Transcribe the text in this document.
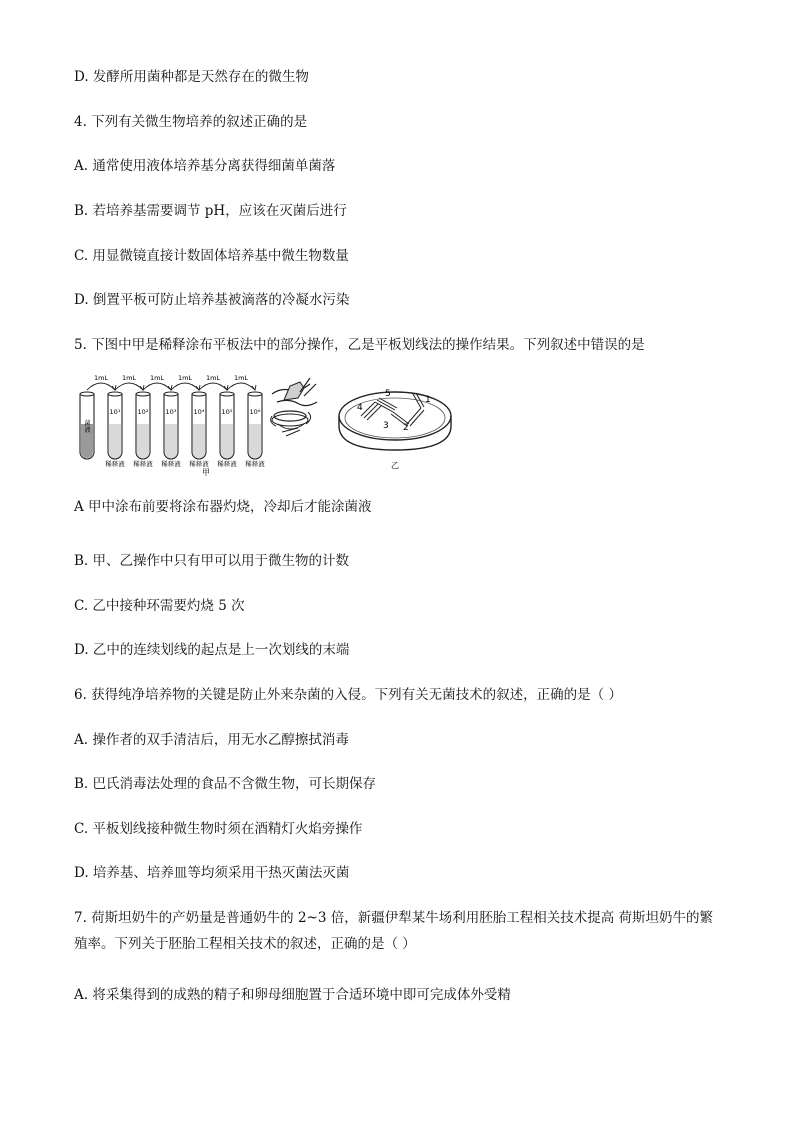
D. 发酵所用菌种都是天然存在的微生物
4. 下列有关微生物培养的叙述正确的是
A. 通常使用液体培养基分离获得细菌单菌落
B. 若培养基需要调节 pH，应该在灭菌后进行
C. 用显微镜直接计数固体培养基中微生物数量
D. 倒置平板可防止培养基被滴落的冷凝水污染
5. 下图中甲是稀释涂布平板法中的部分操作，乙是平板划线法的操作结果。下列叙述中错误的是
1mL 1mL 1mL 1mL 1mL 1mL
菌液
10¹
稀释液
10²
稀释液
10³
稀释液
10⁴
稀释液
10⁵
稀释液
10⁶
稀释液
甲
4
5
3 2
1
乙
A 甲中涂布前要将涂布器灼烧，冷却后才能涂菌液
B. 甲、乙操作中只有甲可以用于微生物的计数
C. 乙中接种环需要灼烧 5 次
D. 乙中的连续划线的起点是上一次划线的末端
6. 获得纯净培养物的关键是防止外来杂菌的入侵。下列有关无菌技术的叙述，正确的是（ ）
A. 操作者的双手清洁后，用无水乙醇擦拭消毒
B. 巴氏消毒法处理的食品不含微生物，可长期保存
C. 平板划线接种微生物时须在酒精灯火焰旁操作
D. 培养基、培养皿等均须采用干热灭菌法灭菌
7. 荷斯坦奶牛的产奶量是普通奶牛的 2~3 倍，新疆伊犁某牛场利用胚胎工程相关技术提高 荷斯坦奶牛的繁殖率。下列关于胚胎工程相关技术的叙述，正确的是（ ）
A. 将采集得到的成熟的精子和卵母细胞置于合适环境中即可完成体外受精
